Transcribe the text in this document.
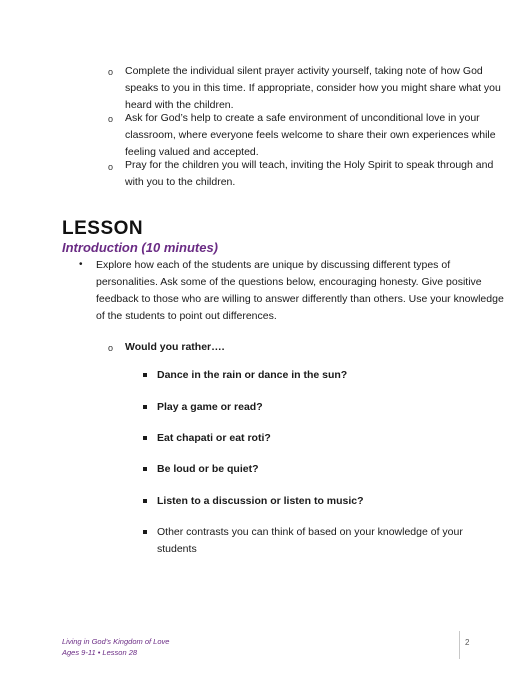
o Complete the individual silent prayer activity yourself, taking note of how God
speaks to you in this time. If appropriate, consider how you might share what you
heard with the children.
o Ask for God’s help to create a safe environment of unconditional love in your
classroom, where everyone feels welcome to share their own experiences while
feeling valued and accepted.
o Pray for the children you will teach, inviting the Holy Spirit to speak through and
with you to the children.
LESSON
Introduction (10 minutes)
• Explore how each of the students are unique by discussing different types of
personalities. Ask some of the questions below, encouraging honesty. Give positive
feedback to those who are willing to answer differently than others. Use your knowledge
of the students to point out differences.
o Would you rather….
Dance in the rain or dance in the sun?
Play a game or read?
Eat chapati or eat roti?
Be loud or be quiet?
Listen to a discussion or listen to music?
Other contrasts you can think of based on your knowledge of your
students
Living in God’s Kingdom of Love
Ages 9-11 • Lesson 28
2
